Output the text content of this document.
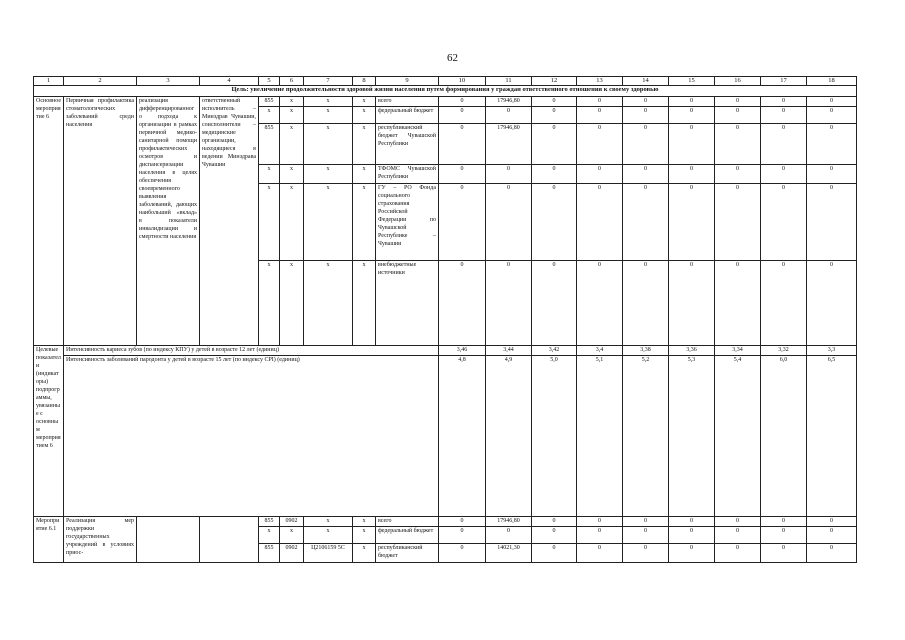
62
1	2	3	4	5	6	7	8	9	10	11	12	13	14	15	16	17	18
Цель: увеличение продолжительности здоровой жизни населения путем формирования у граждан ответственного отношения к своему здоровью																	
Основное мероприятие 6	Первичная профилактика стоматологических заболеваний среди населения	реализация дифференцированного подхода к организации в рамках первичной медико-санитарной помощи профилактических осмотров и диспансеризации населения в целях обеспечения своевременного выявления заболеваний, дающих наибольший «вклад» в показатели инвалидизации и смертности населения	ответственный исполнитель – Минздрав Чувашии, соисполнители – медицинские организации, находящиеся в ведении Минздрава Чувашии	855	x	x	x	всего	0	17946,80	0	0	0	0	0	0	0
				x	x	x	x	федеральный бюджет	0	0	0	0	0	0	0	0	0
				855	x	x	x	республиканский бюджет Чувашской Республики	0	17946,80	0	0	0	0	0	0	0
				x	x	x	x	ТФОМС Чувашской Республики	0	0	0	0	0	0	0	0	0
				x	x	x	x	ГУ – РО Фонда социального страхования Российской Федерации по Чувашской Республике – Чувашии	0	0	0	0	0	0	0	0	0
				x	x	x	x	внебюджетные источники	0	0	0	0	0	0	0	0	0
Целевые показатели (индикаторы) подпрограммы, увязанные с основным мероприятием 6	Интенсивность кариеса зубов (по индексу КПУ) у детей в возрасте 12 лет (единиц)								3,46	3,44	3,42	3,4	3,38	3,36	3,34	3,32	3,3
	Интенсивность заболеваний пародонта у детей в возрасте 15 лет (по индексу СРI) (единиц)								4,8	4,9	5,0	5,1	5,2	5,3	5,4	6,0	6,5
Мероприятие 6.1	Реализация мер поддержки государственных учреждений в условиях приос-			855	0902	x	x	всего	0	17946,80	0	0	0	0	0	0	0
				x	x	x	x	федеральный бюджет	0	0	0	0	0	0	0	0	0
				855	0902	Ц2106159 5С	x	республиканский бюджет	0	14021,30	0	0	0	0	0	0	0
